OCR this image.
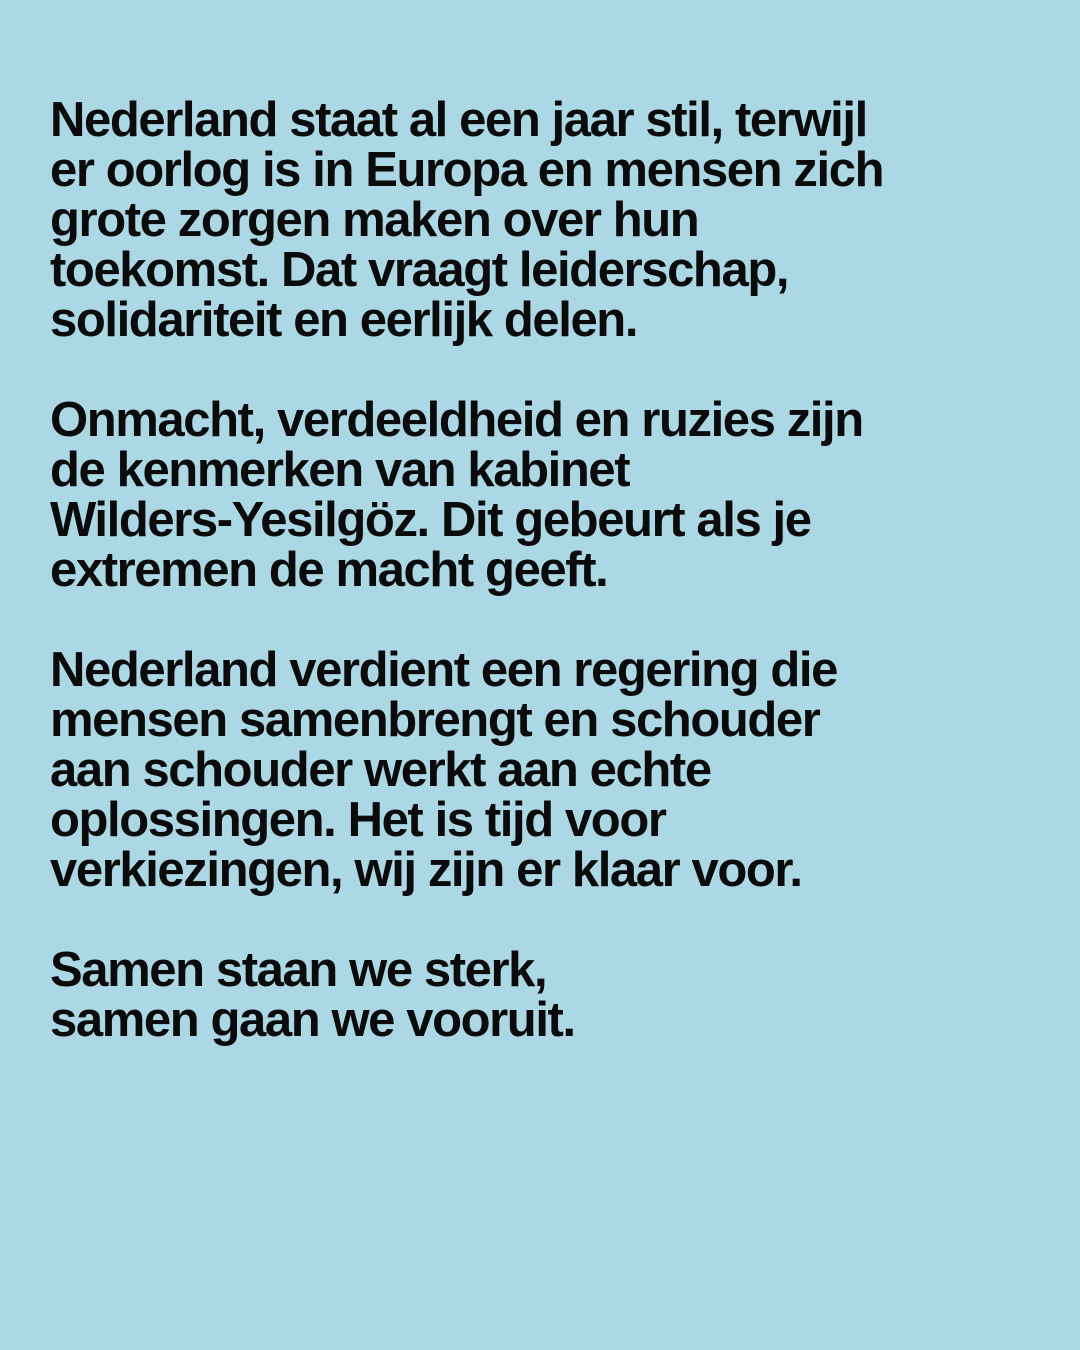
Nederland staat al een jaar stil, terwijl
er oorlog is in Europa en mensen zich
grote zorgen maken over hun
toekomst. Dat vraagt leiderschap,
solidariteit en eerlijk delen.

Onmacht, verdeeldheid en ruzies zijn
de kenmerken van kabinet
Wilders-Yesilgöz. Dit gebeurt als je
extremen de macht geeft.

Nederland verdient een regering die
mensen samenbrengt en schouder
aan schouder werkt aan echte
oplossingen. Het is tijd voor
verkiezingen, wij zijn er klaar voor.

Samen staan we sterk,
samen gaan we vooruit.
